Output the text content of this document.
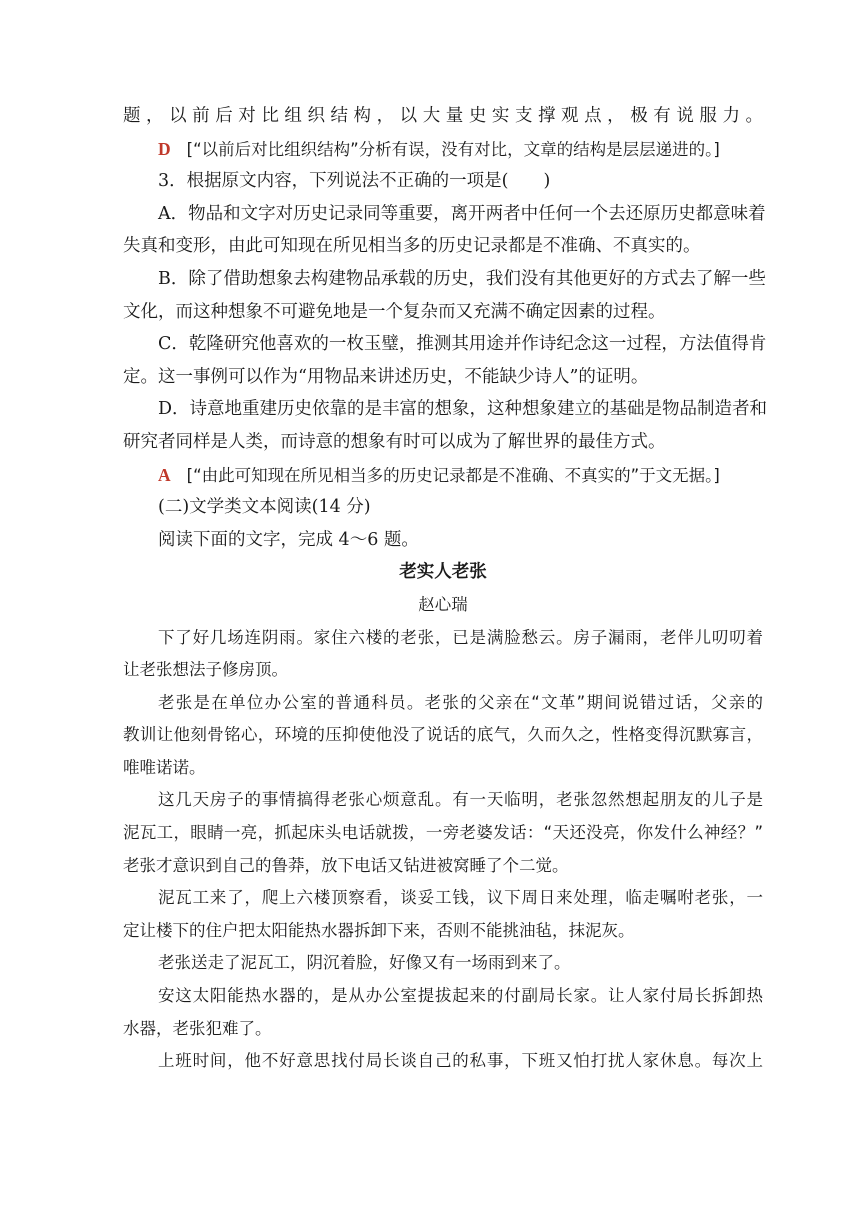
题，以前后对比组织结构，以大量史实支撑观点，极有说服力。
D [“以前后对比组织结构”分析有误，没有对比，文章的结构是层层递进的。]
3．根据原文内容，下列说法不正确的一项是(　　)
A．物品和文字对历史记录同等重要，离开两者中任何一个去还原历史都意味着
失真和变形，由此可知现在所见相当多的历史记录都是不准确、不真实的。
B．除了借助想象去构建物品承载的历史，我们没有其他更好的方式去了解一些
文化，而这种想象不可避免地是一个复杂而又充满不确定因素的过程。
C．乾隆研究他喜欢的一枚玉璧，推测其用途并作诗纪念这一过程，方法值得肯
定。这一事例可以作为“用物品来讲述历史，不能缺少诗人”的证明。
D．诗意地重建历史依靠的是丰富的想象，这种想象建立的基础是物品制造者和
研究者同样是人类，而诗意的想象有时可以成为了解世界的最佳方式。
A [“由此可知现在所见相当多的历史记录都是不准确、不真实的”于文无据。]
(二)文学类文本阅读(14 分)
阅读下面的文字，完成 4～6 题。
老实人老张
赵心瑞
下了好几场连阴雨。家住六楼的老张，已是满脸愁云。房子漏雨，老伴儿叨叨着
让老张想法子修房顶。
老张是在单位办公室的普通科员。老张的父亲在“文革”期间说错过话，父亲的
教训让他刻骨铭心，环境的压抑使他没了说话的底气，久而久之，性格变得沉默寡言，
唯唯诺诺。
这几天房子的事情搞得老张心烦意乱。有一天临明，老张忽然想起朋友的儿子是
泥瓦工，眼睛一亮，抓起床头电话就拨，一旁老婆发话：“天还没亮，你发什么神经？”
老张才意识到自己的鲁莽，放下电话又钻进被窝睡了个二觉。
泥瓦工来了，爬上六楼顶察看，谈妥工钱，议下周日来处理，临走嘱咐老张，一
定让楼下的住户把太阳能热水器拆卸下来，否则不能挑油毡，抹泥灰。
老张送走了泥瓦工，阴沉着脸，好像又有一场雨到来了。
安这太阳能热水器的，是从办公室提拔起来的付副局长家。让人家付局长拆卸热
水器，老张犯难了。
上班时间，他不好意思找付局长谈自己的私事，下班又怕打扰人家休息。每次上
